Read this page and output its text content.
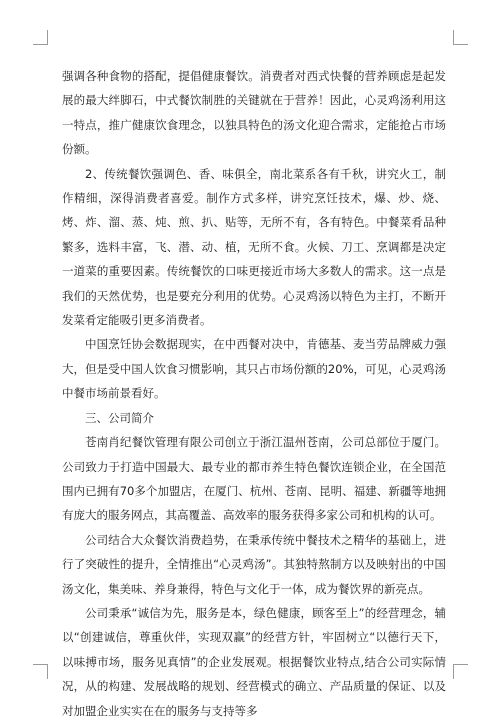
强调各种食物的搭配，提倡健康餐饮。消费者对西式快餐的营养顾虑是起发展的最大绊脚石，中式餐饮制胜的关键就在于营养！因此，心灵鸡汤利用这一特点，推广健康饮食理念，以独具特色的汤文化迎合需求，定能抢占市场份额。

2、传统餐饮强调色、香、味俱全，南北菜系各有千秋，讲究火工，制作精细，深得消费者喜爱。制作方式多样，讲究烹饪技术，爆、炒、烧、烤、炸、溜、蒸、炖、煎、扒、贴等，无所不有，各有特色。中餐菜肴品种繁多，选料丰富，飞、潜、动、植，无所不食。火候、刀工、烹调都是决定一道菜的重要因素。传统餐饮的口味更接近市场大多数人的需求。这一点是我们的天然优势，也是要充分利用的优势。心灵鸡汤以特色为主打，不断开发菜肴定能吸引更多消费者。

中国烹饪协会数据现实，在中西餐对决中，肯德基、麦当劳品牌威力强大，但是受中国人饮食习惯影响，其只占市场份额的20%，可见，心灵鸡汤中餐市场前景看好。

三、公司简介

苍南肖纪餐饮管理有限公司创立于浙江温州苍南，公司总部位于厦门。公司致力于打造中国最大、最专业的都市养生特色餐饮连锁企业，在全国范围内已拥有70多个加盟店，在厦门、杭州、苍南、昆明、福建、新疆等地拥有庞大的服务网点，其高覆盖、高效率的服务获得多家公司和机构的认可。

公司结合大众餐饮消费趋势，在秉承传统中餐技术之精华的基础上，进行了突破性的提升，全情推出“心灵鸡汤”。其独特熬制方以及映射出的中国汤文化，集美味、养身兼得，特色与文化于一体，成为餐饮界的新亮点。

公司秉承“诚信为先，服务是本，绿色健康，顾客至上”的经营理念，辅以“创建诚信，尊重伙伴，实现双赢”的经营方针，牢固树立“以德行天下，以味搏市场，服务见真情”的企业发展观。根据餐饮业特点,结合公司实际情况，从的构建、发展战略的规划、经营模式的确立、产品质量的保证、以及对加盟企业实实在在的服务与支持等多
